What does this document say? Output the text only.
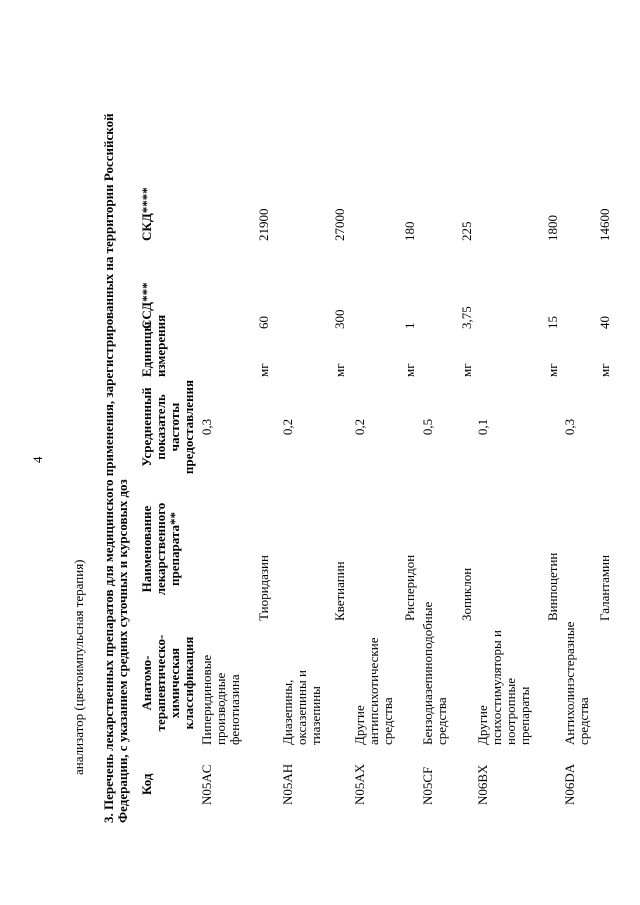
4
анализатор (цветоимпульсная терапия) 3. Перечень лекарственных препаратов для медицинского применения, зарегистрированных на территории Российской Федерации, с указанием средних суточных и курсовых доз Код
Анатомо-терапевтическо-химическая классификация
Наименование лекарственного препарата**
Усредненный показатель частоты предоставления
Единицы измерения
ССД***
СКД****
N05AC
Пиперидиновые производные фенотиазина
0,3
Тиоридазин
мг
60
21900
N05AH
Диазепины, оксазепины и тиазепины
0,2
Кветиапин
мг
300
27000
N05AX
Другие антипсихотические средства
0,2
Рисперидон
мг
1
180
N05CF
Бензодиазепиноподобные средства
0,5
Зопиклон
мг
3,75
225
N06BX
Другие психостимуляторы и ноотропные препараты
0,1
Винпоцетин
мг
15
1800
N06DA
Антихолинэстеразные средства
0,3
Галантамин
мг
40
14600
